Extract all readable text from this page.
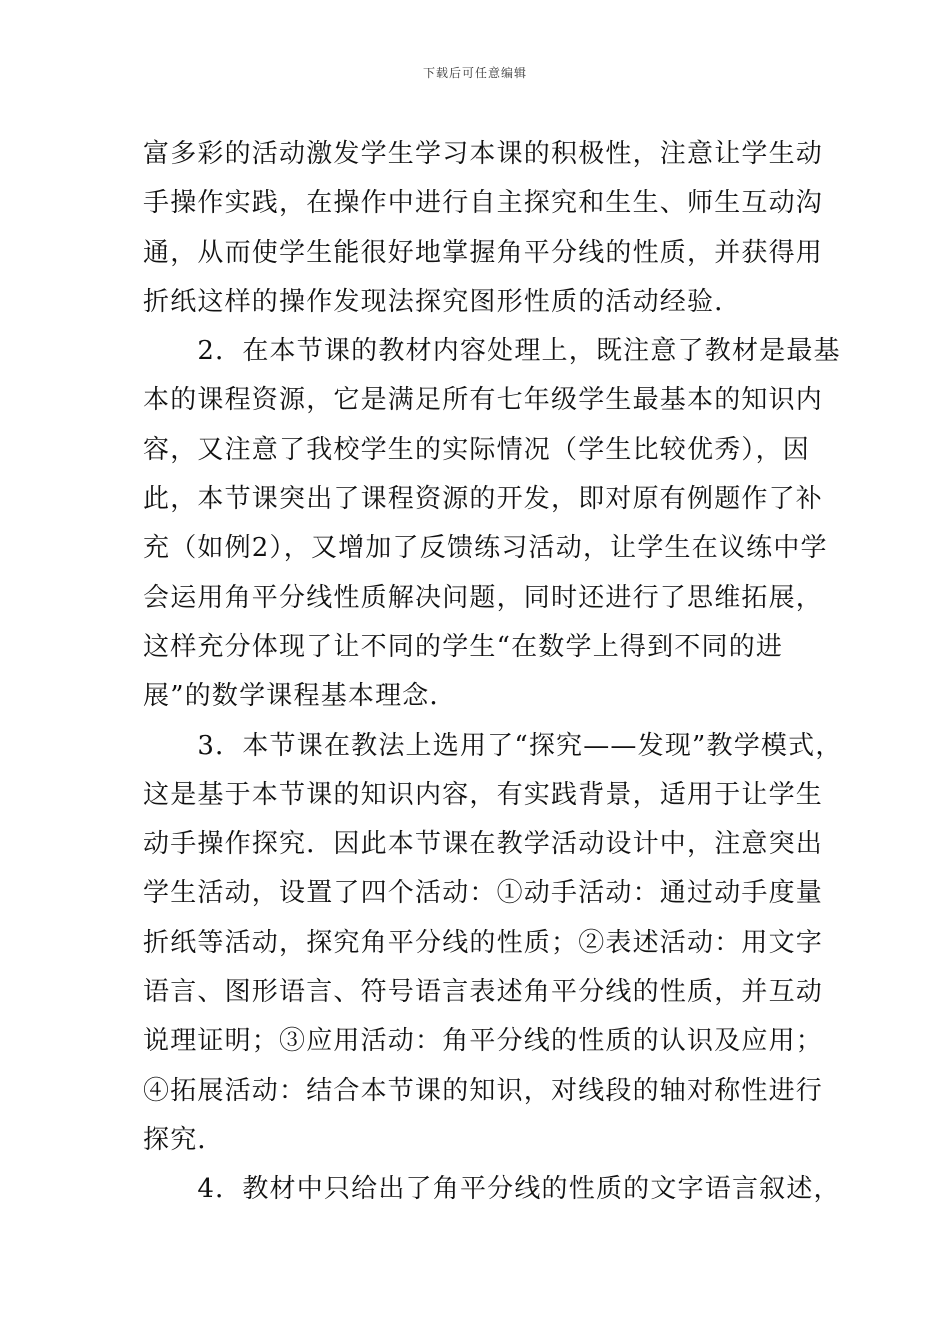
下载后可任意编辑
富多彩的活动激发学生学习本课的积极性，注意让学生动
手操作实践，在操作中进行自主探究和生生、师生互动沟
通，从而使学生能很好地掌握角平分线的性质，并获得用
折纸这样的操作发现法探究图形性质的活动经验．
　　2．在本节课的教材内容处理上，既注意了教材是最基
本的课程资源，它是满足所有七年级学生最基本的知识内
容，又注意了我校学生的实际情况（学生比较优秀），因
此，本节课突出了课程资源的开发，即对原有例题作了补
充（如例2），又增加了反馈练习活动，让学生在议练中学
会运用角平分线性质解决问题，同时还进行了思维拓展，
这样充分体现了让不同的学生“在数学上得到不同的进
展”的数学课程基本理念．
　　3．本节课在教法上选用了“探究——发现”教学模式，
这是基于本节课的知识内容，有实践背景，适用于让学生
动手操作探究．因此本节课在教学活动设计中，注意突出
学生活动，设置了四个活动：①动手活动：通过动手度量
折纸等活动，探究角平分线的性质；②表述活动：用文字
语言、图形语言、符号语言表述角平分线的性质，并互动
说理证明；③应用活动：角平分线的性质的认识及应用；
④拓展活动：结合本节课的知识，对线段的轴对称性进行
探究．
　　4．教材中只给出了角平分线的性质的文字语言叙述，
